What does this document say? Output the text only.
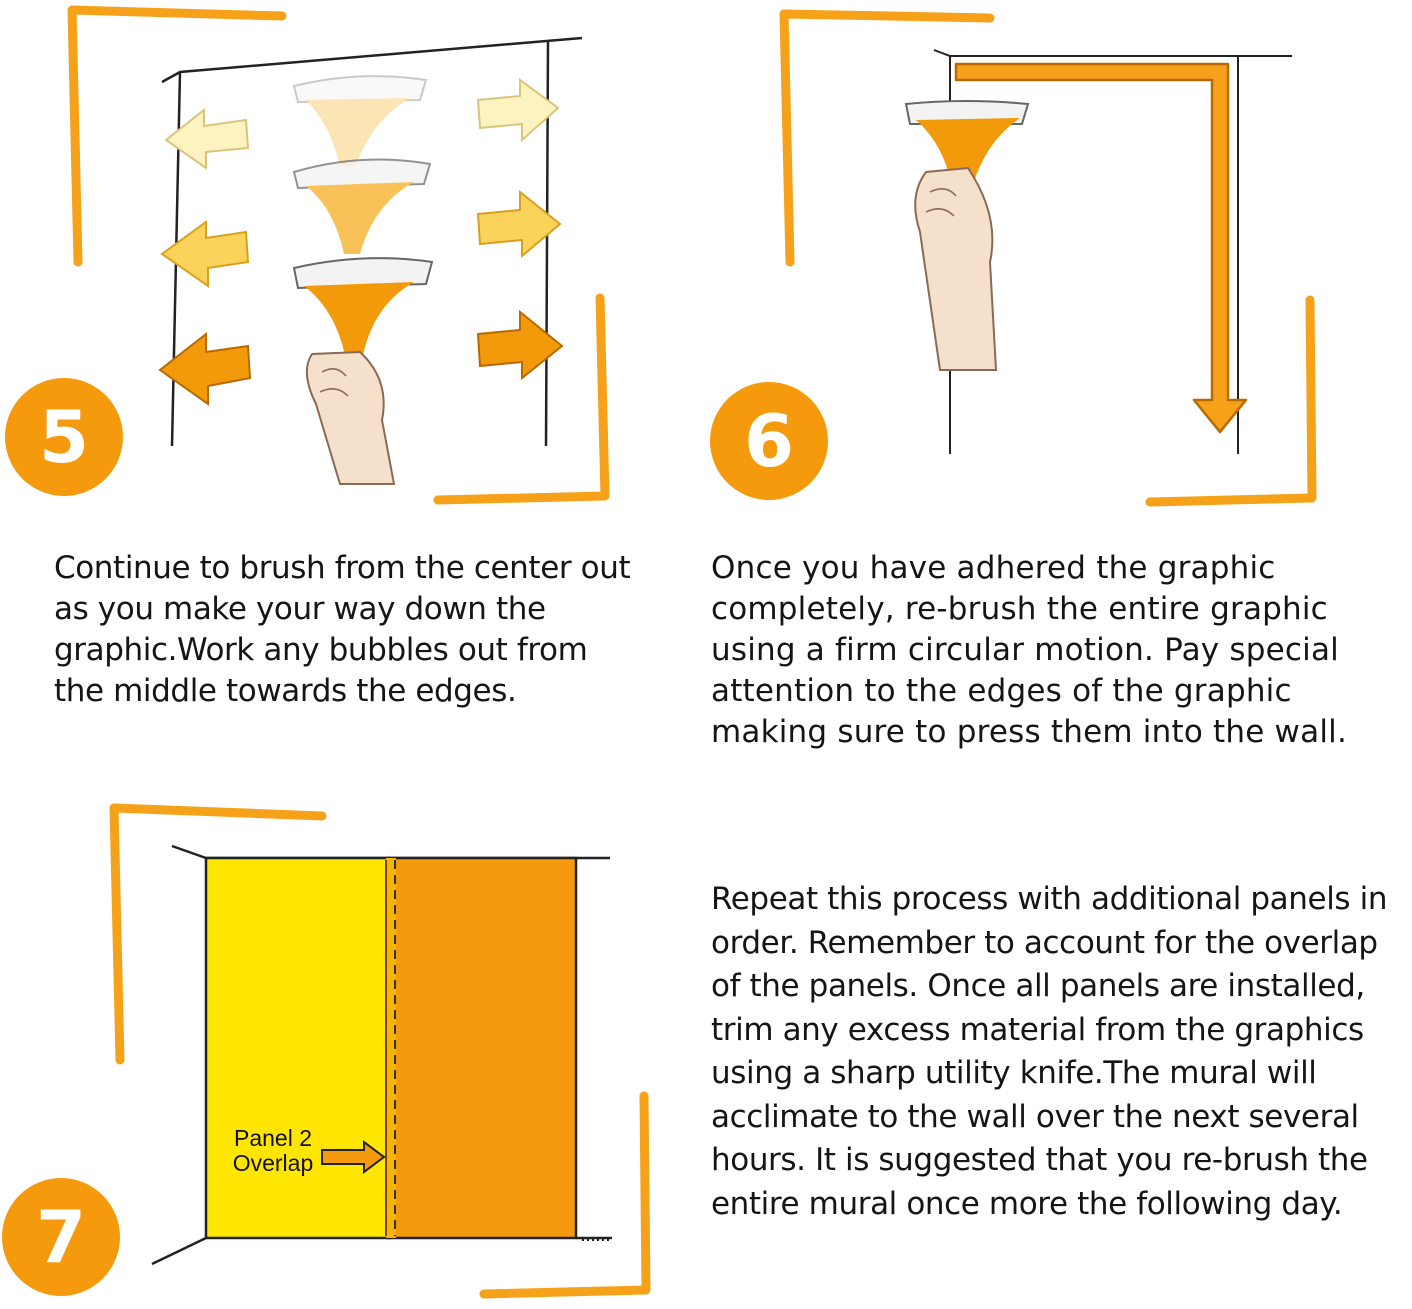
5

Continue to brush from the center out as you make your way down the graphic.Work any bubbles out from the middle towards the edges.

6

Once you have adhered the graphic completely, re-brush the entire graphic using a firm circular motion. Pay special attention to the edges of the graphic making sure to press them into the wall.

Panel 2
Overlap
7

Repeat this process with additional panels in order. Remember to account for the overlap of the panels. Once all panels are installed, trim any excess material from the graphics using a sharp utility knife.The mural will acclimate to the wall over the next several hours. It is suggested that you re-brush the entire mural once more the following day.
